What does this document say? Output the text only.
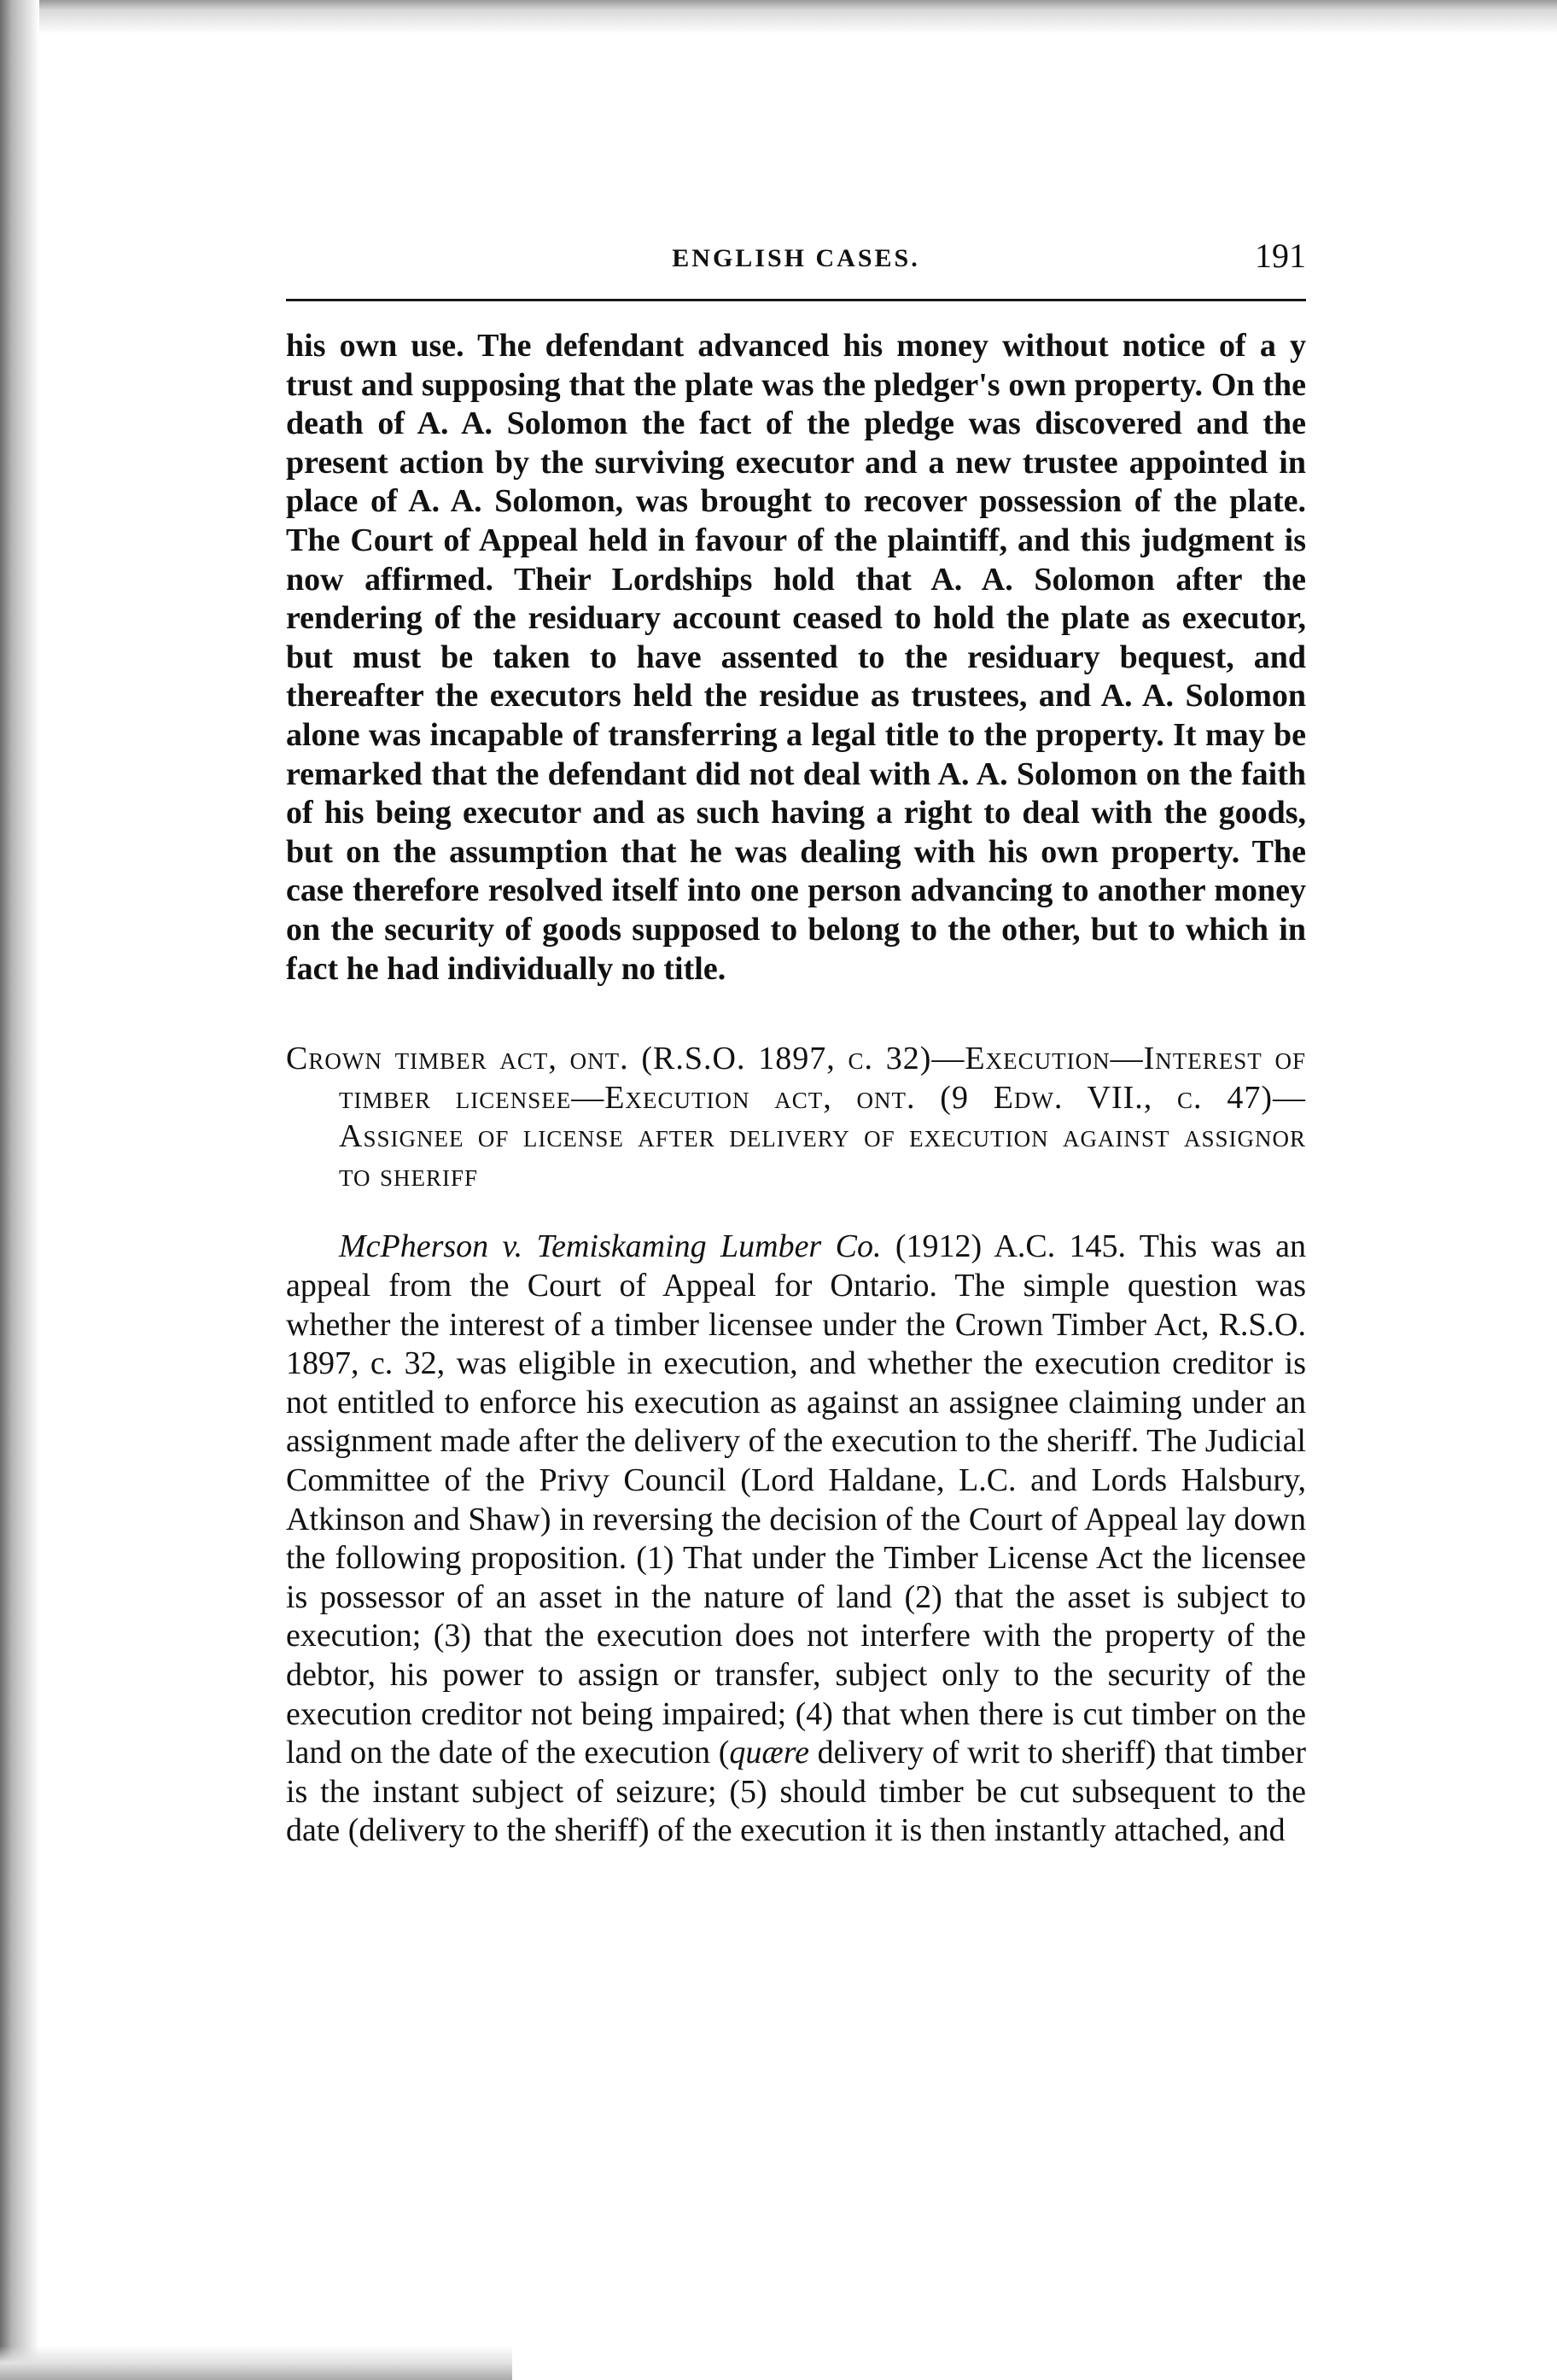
ENGLISH CASES.	191

his own use. The defendant advanced his money without notice of a y trust and supposing that the plate was the pledger's own property. On the death of A. A. Solomon the fact of the pledge was discovered and the present action by the surviving executor and a new trustee appointed in place of A. A. Solomon, was brought to recover possession of the plate. The Court of Appeal held in favour of the plaintiff, and this judgment is now affirmed. Their Lordships hold that A. A. Solomon after the rendering of the residuary account ceased to hold the plate as executor, but must be taken to have assented to the residuary bequest, and thereafter the executors held the residue as trustees, and A. A. Solomon alone was incapable of transferring a legal title to the property. It may be remarked that the defendant did not deal with A. A. Solomon on the faith of his being executor and as such having a right to deal with the goods, but on the assumption that he was dealing with his own property. The case therefore resolved itself into one person advancing to another money on the security of goods supposed to belong to the other, but to which in fact he had individually no title.

Crown timber act, ont. (R.S.O. 1897, c. 32)—Execution—Interest of timber licensee—Execution act, ont. (9 Edw. VII., c. 47)—Assignee of license after delivery of execution against assignor to sheriff

McPherson v. Temiskaming Lumber Co. (1912) A.C. 145. This was an appeal from the Court of Appeal for Ontario. The simple question was whether the interest of a timber licensee under the Crown Timber Act, R.S.O. 1897, c. 32, was eligible in execution, and whether the execution creditor is not entitled to enforce his execution as against an assignee claiming under an assignment made after the delivery of the execution to the sheriff. The Judicial Committee of the Privy Council (Lord Haldane, L.C. and Lords Halsbury, Atkinson and Shaw) in reversing the decision of the Court of Appeal lay down the following proposition. (1) That under the Timber License Act the licensee is possessor of an asset in the nature of land (2) that the asset is subject to execution; (3) that the execution does not interfere with the property of the debtor, his power to assign or transfer, subject only to the security of the execution creditor not being impaired; (4) that when there is cut timber on the land on the date of the execution (quære delivery of writ to sheriff) that timber is the instant subject of seizure; (5) should timber be cut subsequent to the date (delivery to the sheriff) of the execution it is then instantly attached, and
